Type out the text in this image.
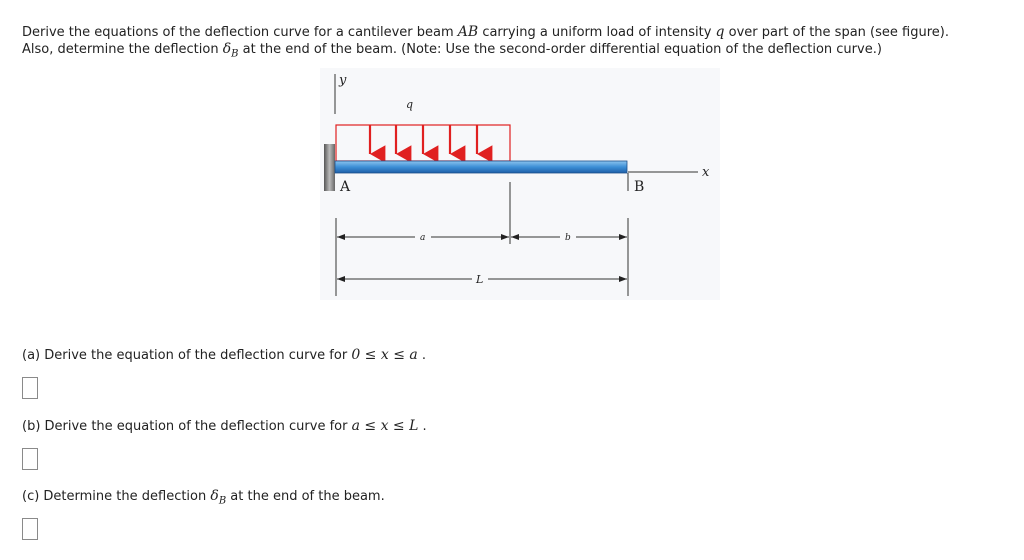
Derive the equations of the deflection curve for a cantilever beam AB carrying a uniform load of intensity q over part of the span (see figure).
Also, determine the deflection $\delta_B$ at the end of the beam. (Note: Use the second-order differential equation of the deflection curve.)
y
q
x
A	B
a	b
L
(a) Derive the equation of the deflection curve for 0 ≤ x ≤ a .
(b) Derive the equation of the deflection curve for a ≤ x ≤ L .
(c) Determine the deflection $\delta_B$ at the end of the beam.
